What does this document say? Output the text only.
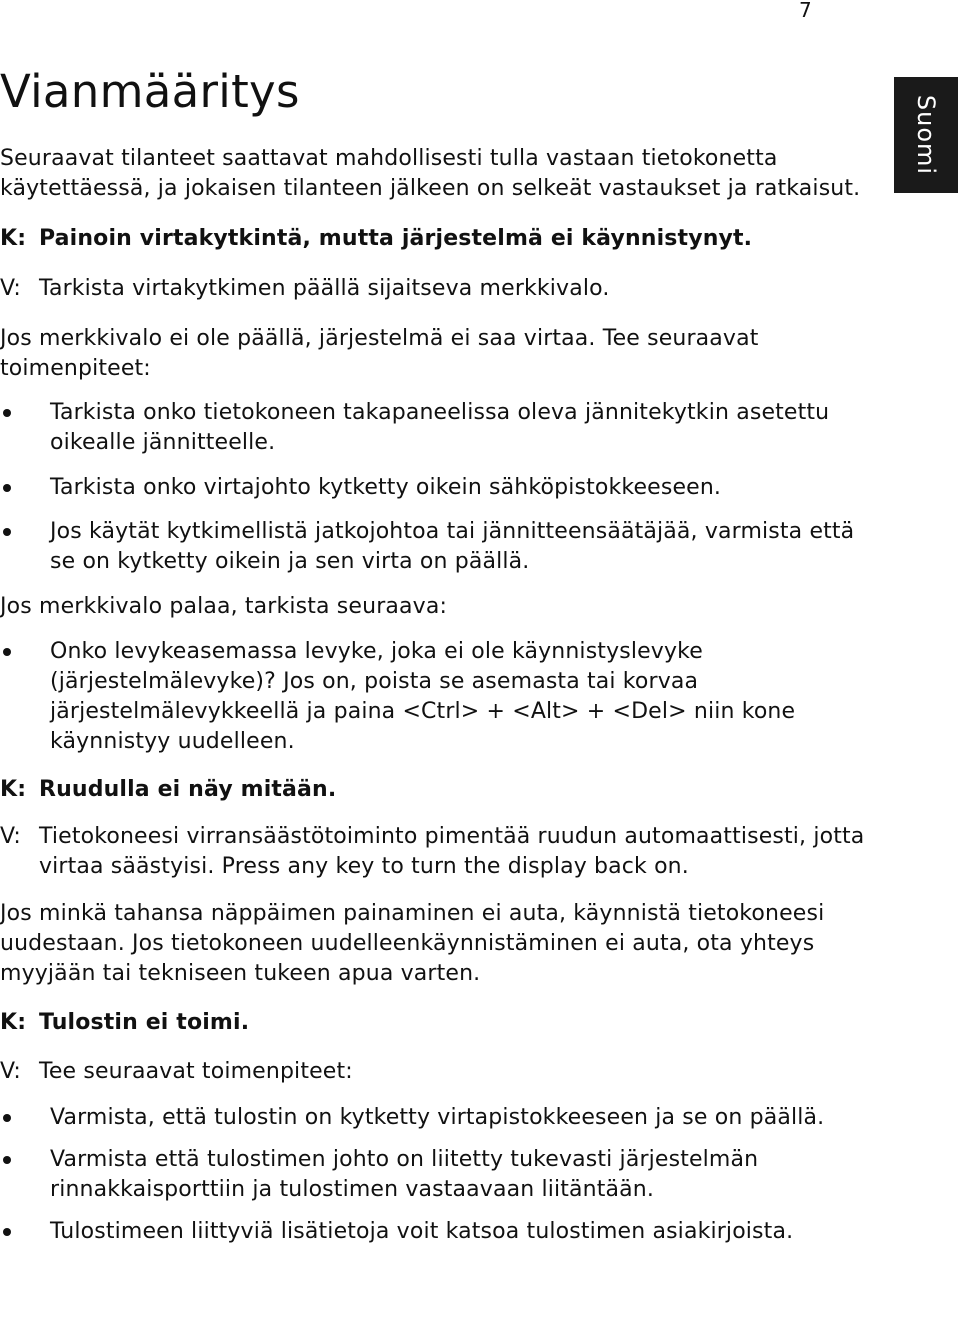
7
Suomi
Vianmääritys

Seuraavat tilanteet saattavat mahdollisesti tulla vastaan tietokonetta käytettäessä, ja jokaisen tilanteen jälkeen on selkeät vastaukset ja ratkaisut.

K: Painoin virtakytkintä, mutta järjestelmä ei käynnistynyt.
V: Tarkista virtakytkimen päällä sijaitseva merkkivalo.

Jos merkkivalo ei ole päällä, järjestelmä ei saa virtaa. Tee seuraavat toimenpiteet:

Tarkista onko tietokoneen takapaneelissa oleva jännitekytkin asetettu oikealle jännitteelle.
Tarkista onko virtajohto kytketty oikein sähköpistokkeeseen.
Jos käytät kytkimellistä jatkojohtoa tai jännitteensäätäjää, varmista että se on kytketty oikein ja sen virta on päällä.

Jos merkkivalo palaa, tarkista seuraava:

Onko levykeasemassa levyke, joka ei ole käynnistyslevyke (järjestelmälevyke)? Jos on, poista se asemasta tai korvaa järjestelmälevykkeellä ja paina <Ctrl> + <Alt> + <Del> niin kone käynnistyy uudelleen.
K: Ruudulla ei näy mitään.
V: Tietokoneesi virransäästötoiminto pimentää ruudun automaattisesti, jotta virtaa säästyisi. Press any key to turn the display back on.

Jos minkä tahansa näppäimen painaminen ei auta, käynnistä tietokoneesi uudestaan. Jos tietokoneen uudelleenkäynnistäminen ei auta, ota yhteys myyjään tai tekniseen tukeen apua varten.

K: Tulostin ei toimi.
V: Tee seuraavat toimenpiteet:
Varmista, että tulostin on kytketty virtapistokkeeseen ja se on päällä.
Varmista että tulostimen johto on liitetty tukevasti järjestelmän rinnakkaisporttiin ja tulostimen vastaavaan liitäntään.
Tulostimeen liittyviä lisätietoja voit katsoa tulostimen asiakirjoista.
